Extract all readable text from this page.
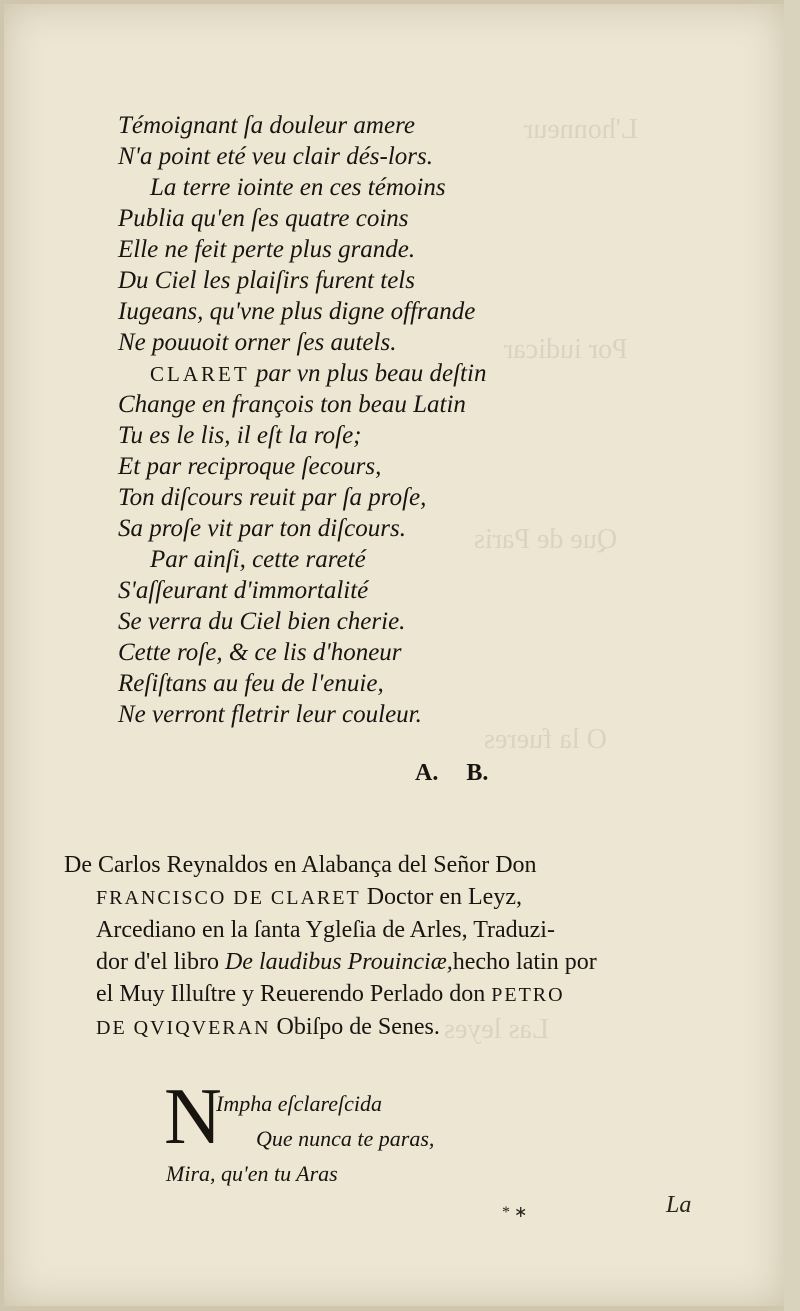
L'honneur
Por iudicar
Que de Paris
O la fueres
Las leyes
Témoignant ſa douleur amere
N'a point eté veu clair dés-lors.
La terre iointe en ces témoins
Publia qu'en ſes quatre coins
Elle ne feit perte plus grande.
Du Ciel les plaiſirs furent tels
Iugeans, qu'vne plus digne offrande
Ne pouuoit orner ſes autels.
CLARET par vn plus beau deſtin
Change en françois ton beau Latin
Tu es le lis, il eſt la roſe;
Et par reciproque ſecours,
Ton diſcours reuit par ſa proſe,
Sa proſe vit par ton diſcours.
Par ainſi, cette rareté
S'aſſeurant d'immortalité
Se verra du Ciel bien cherie.
Cette roſe, & ce lis d'honeur
Reſiſtans au feu de l'enuie,
Ne verront fletrir leur couleur.
A. B.
De Carlos Reynaldos en Alabança del Señor Don
FRANCISCO DE CLARET Doctor en Leyz,
Arcediano en la ſanta Ygleſia de Arles, Traduzi-
dor d'el libro De laudibus Prouinciæ,hecho latin por
el Muy Illuſtre y Reuerendo Perlado don PETRO
DE QVIQVERAN Obiſpo de Senes.
N
Impha eſclareſcida
Que nunca te paras,
Mira, qu'en tu Aras
* ∗	La
